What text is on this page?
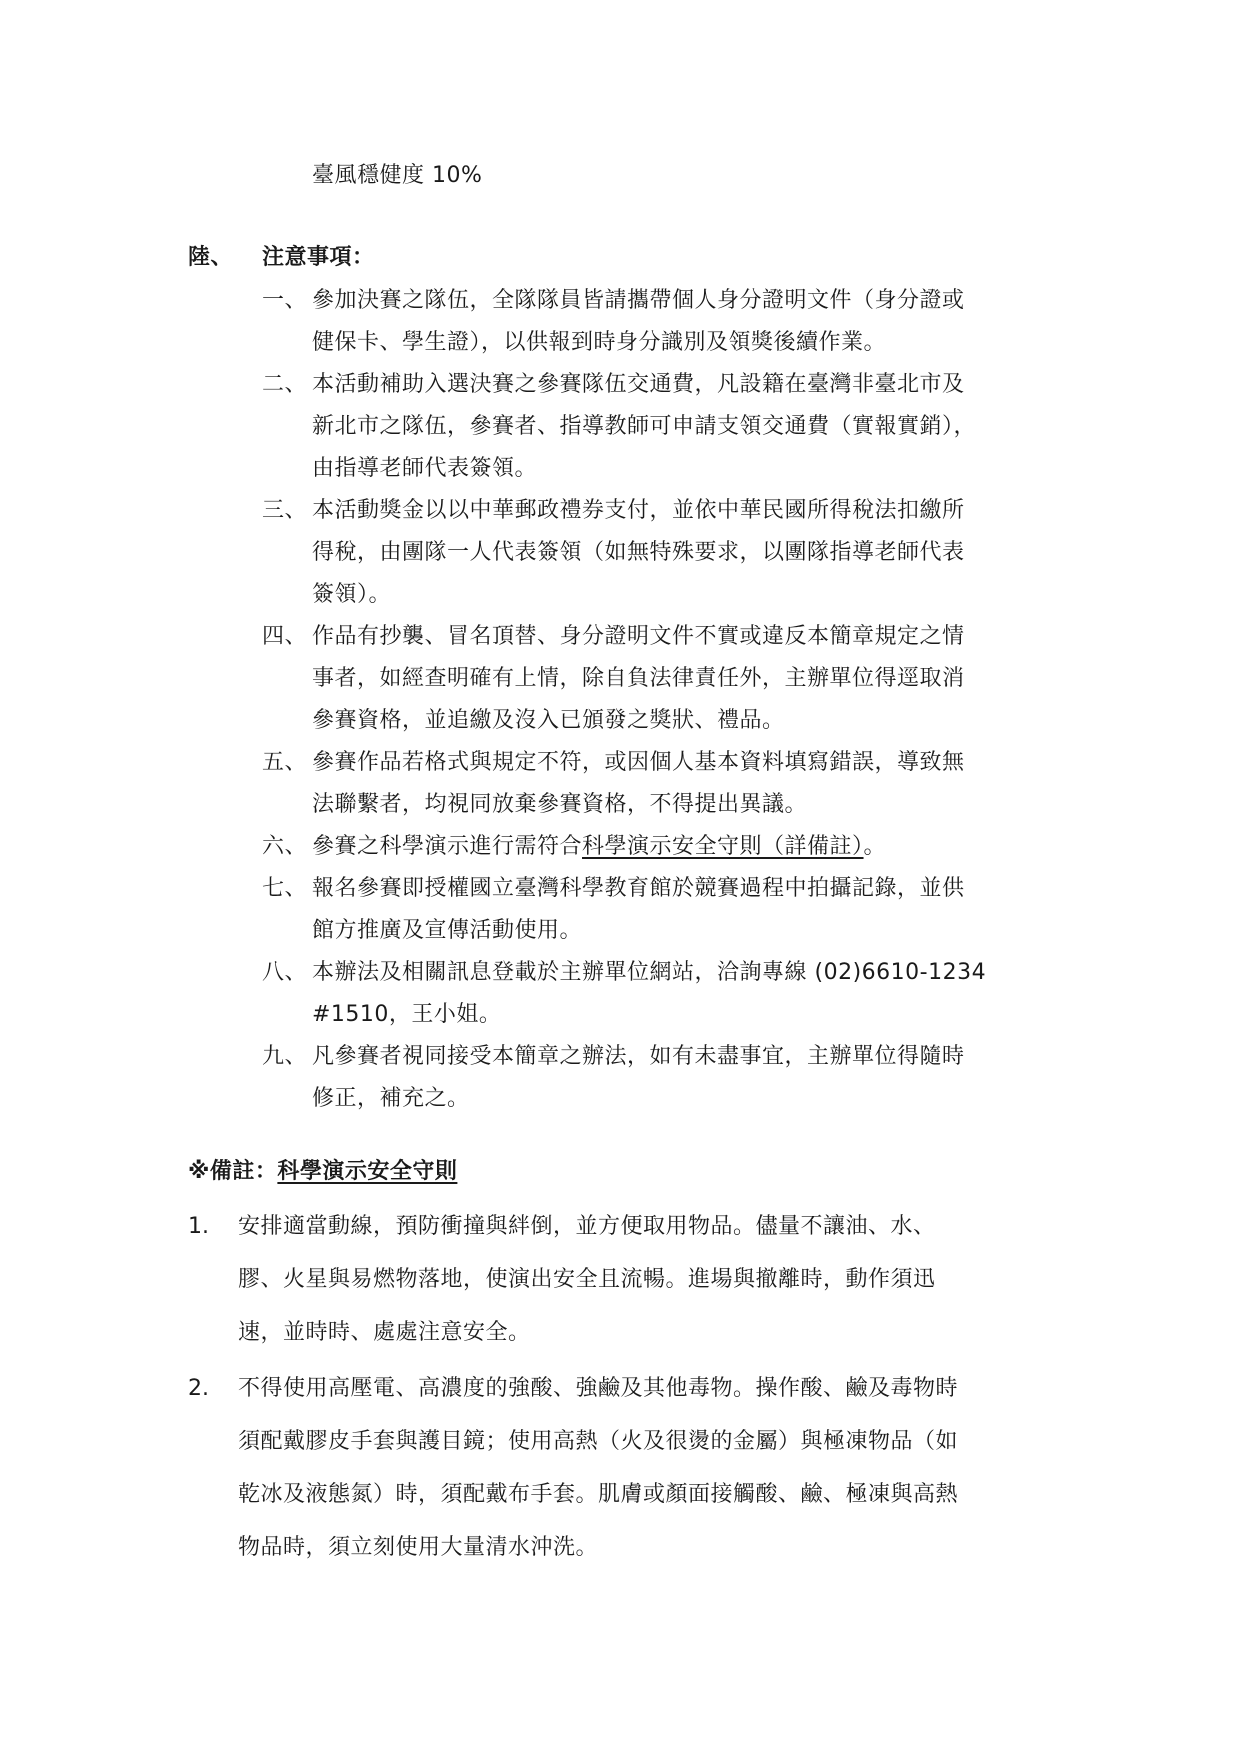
臺風穩健度 10%
陸、 注意事項：
一、 參加決賽之隊伍，全隊隊員皆請攜帶個人身分證明文件（身分證或
健保卡、學生證），以供報到時身分識別及領獎後續作業。
二、 本活動補助入選決賽之參賽隊伍交通費，凡設籍在臺灣非臺北市及
新北市之隊伍，參賽者、指導教師可申請支領交通費（實報實銷），
由指導老師代表簽領。
三、 本活動獎金以以中華郵政禮券支付，並依中華民國所得稅法扣繳所
得稅，由團隊一人代表簽領（如無特殊要求，以團隊指導老師代表
簽領）。
四、 作品有抄襲、冒名頂替、身分證明文件不實或違反本簡章規定之情
事者，如經查明確有上情，除自負法律責任外，主辦單位得逕取消
參賽資格，並追繳及沒入已頒發之獎狀、禮品。
五、 參賽作品若格式與規定不符，或因個人基本資料填寫錯誤，導致無
法聯繫者，均視同放棄參賽資格，不得提出異議。
六、 參賽之科學演示進行需符合科學演示安全守則（詳備註）。
七、 報名參賽即授權國立臺灣科學教育館於競賽過程中拍攝記錄，並供
館方推廣及宣傳活動使用。
八、 本辦法及相關訊息登載於主辦單位網站，洽詢專線 (02)6610-1234
#1510，王小姐。
九、 凡參賽者視同接受本簡章之辦法，如有未盡事宜，主辦單位得隨時
修正，補充之。
※備註：科學演示安全守則
1. 安排適當動線，預防衝撞與絆倒，並方便取用物品。儘量不讓油、水、
膠、火星與易燃物落地，使演出安全且流暢。進場與撤離時，動作須迅
速，並時時、處處注意安全。
2. 不得使用高壓電、高濃度的強酸、強鹼及其他毒物。操作酸、鹼及毒物時
須配戴膠皮手套與護目鏡；使用高熱（火及很燙的金屬）與極凍物品（如
乾冰及液態氮）時，須配戴布手套。肌膚或顏面接觸酸、鹼、極凍與高熱
物品時，須立刻使用大量清水沖洗。
